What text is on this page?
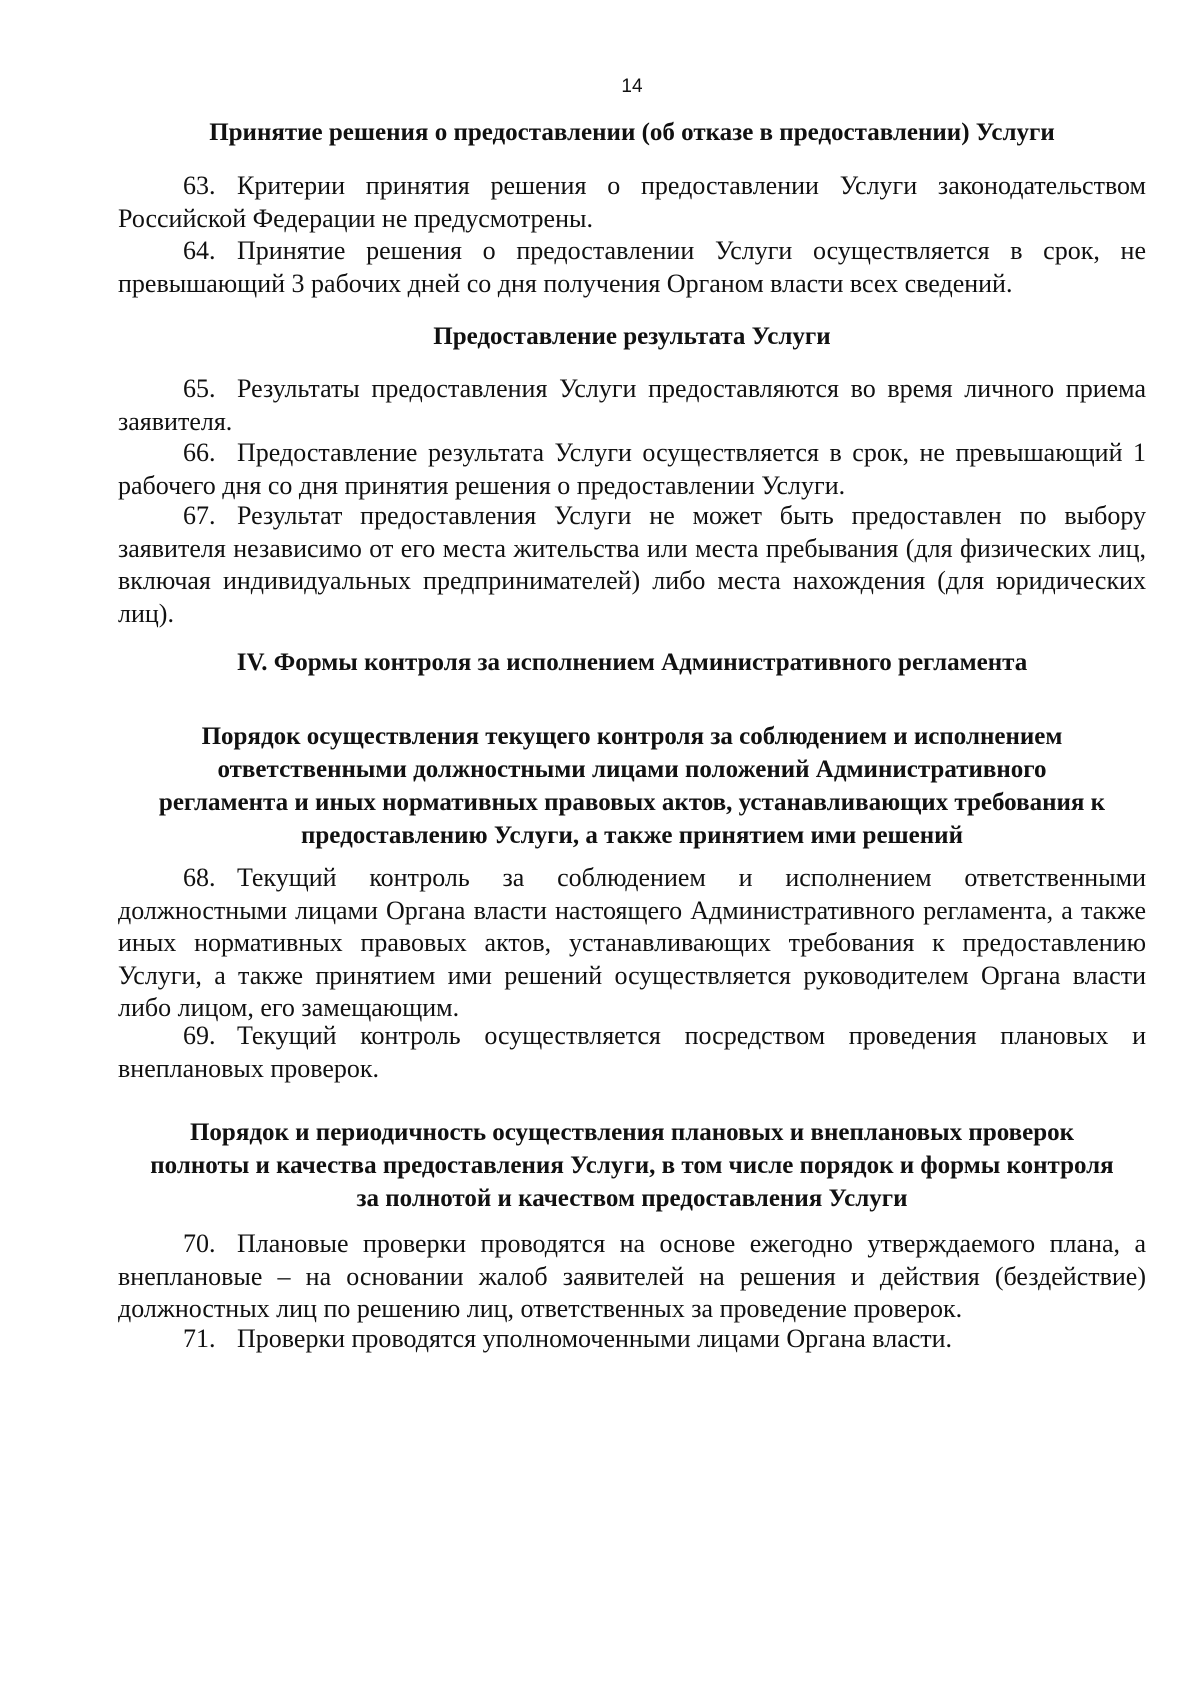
14
Принятие решения о предоставлении (об отказе в предоставлении) Услуги

63. Критерии принятия решения о предоставлении Услуги законодательством Российской Федерации не предусмотрены.

64. Принятие решения о предоставлении Услуги осуществляется в срок, не превышающий 3 рабочих дней со дня получения Органом власти всех сведений.

Предоставление результата Услуги

65. Результаты предоставления Услуги предоставляются во время личного приема заявителя.

66. Предоставление результата Услуги осуществляется в срок, не превышающий 1 рабочего дня со дня принятия решения о предоставлении Услуги.

67. Результат предоставления Услуги не может быть предоставлен по выбору заявителя независимо от его места жительства или места пребывания (для физических лиц, включая индивидуальных предпринимателей) либо места нахождения (для юридических лиц).

IV. Формы контроля за исполнением Административного регламента
Порядок осуществления текущего контроля за соблюдением и исполнением ответственными должностными лицами положений Административного регламента и иных нормативных правовых актов, устанавливающих требования к предоставлению Услуги, а также принятием ими решений

68. Текущий контроль за соблюдением и исполнением ответственными должностными лицами Органа власти настоящего Административного регламента, а также иных нормативных правовых актов, устанавливающих требования к предоставлению Услуги, а также принятием ими решений осуществляется руководителем Органа власти либо лицом, его замещающим.

69. Текущий контроль осуществляется посредством проведения плановых и внеплановых проверок.

Порядок и периодичность осуществления плановых и внеплановых проверок полноты и качества предоставления Услуги, в том числе порядок и формы контроля за полнотой и качеством предоставления Услуги

70. Плановые проверки проводятся на основе ежегодно утверждаемого плана, а внеплановые – на основании жалоб заявителей на решения и действия (бездействие) должностных лиц по решению лиц, ответственных за проведение проверок.

71. Проверки проводятся уполномоченными лицами Органа власти.
